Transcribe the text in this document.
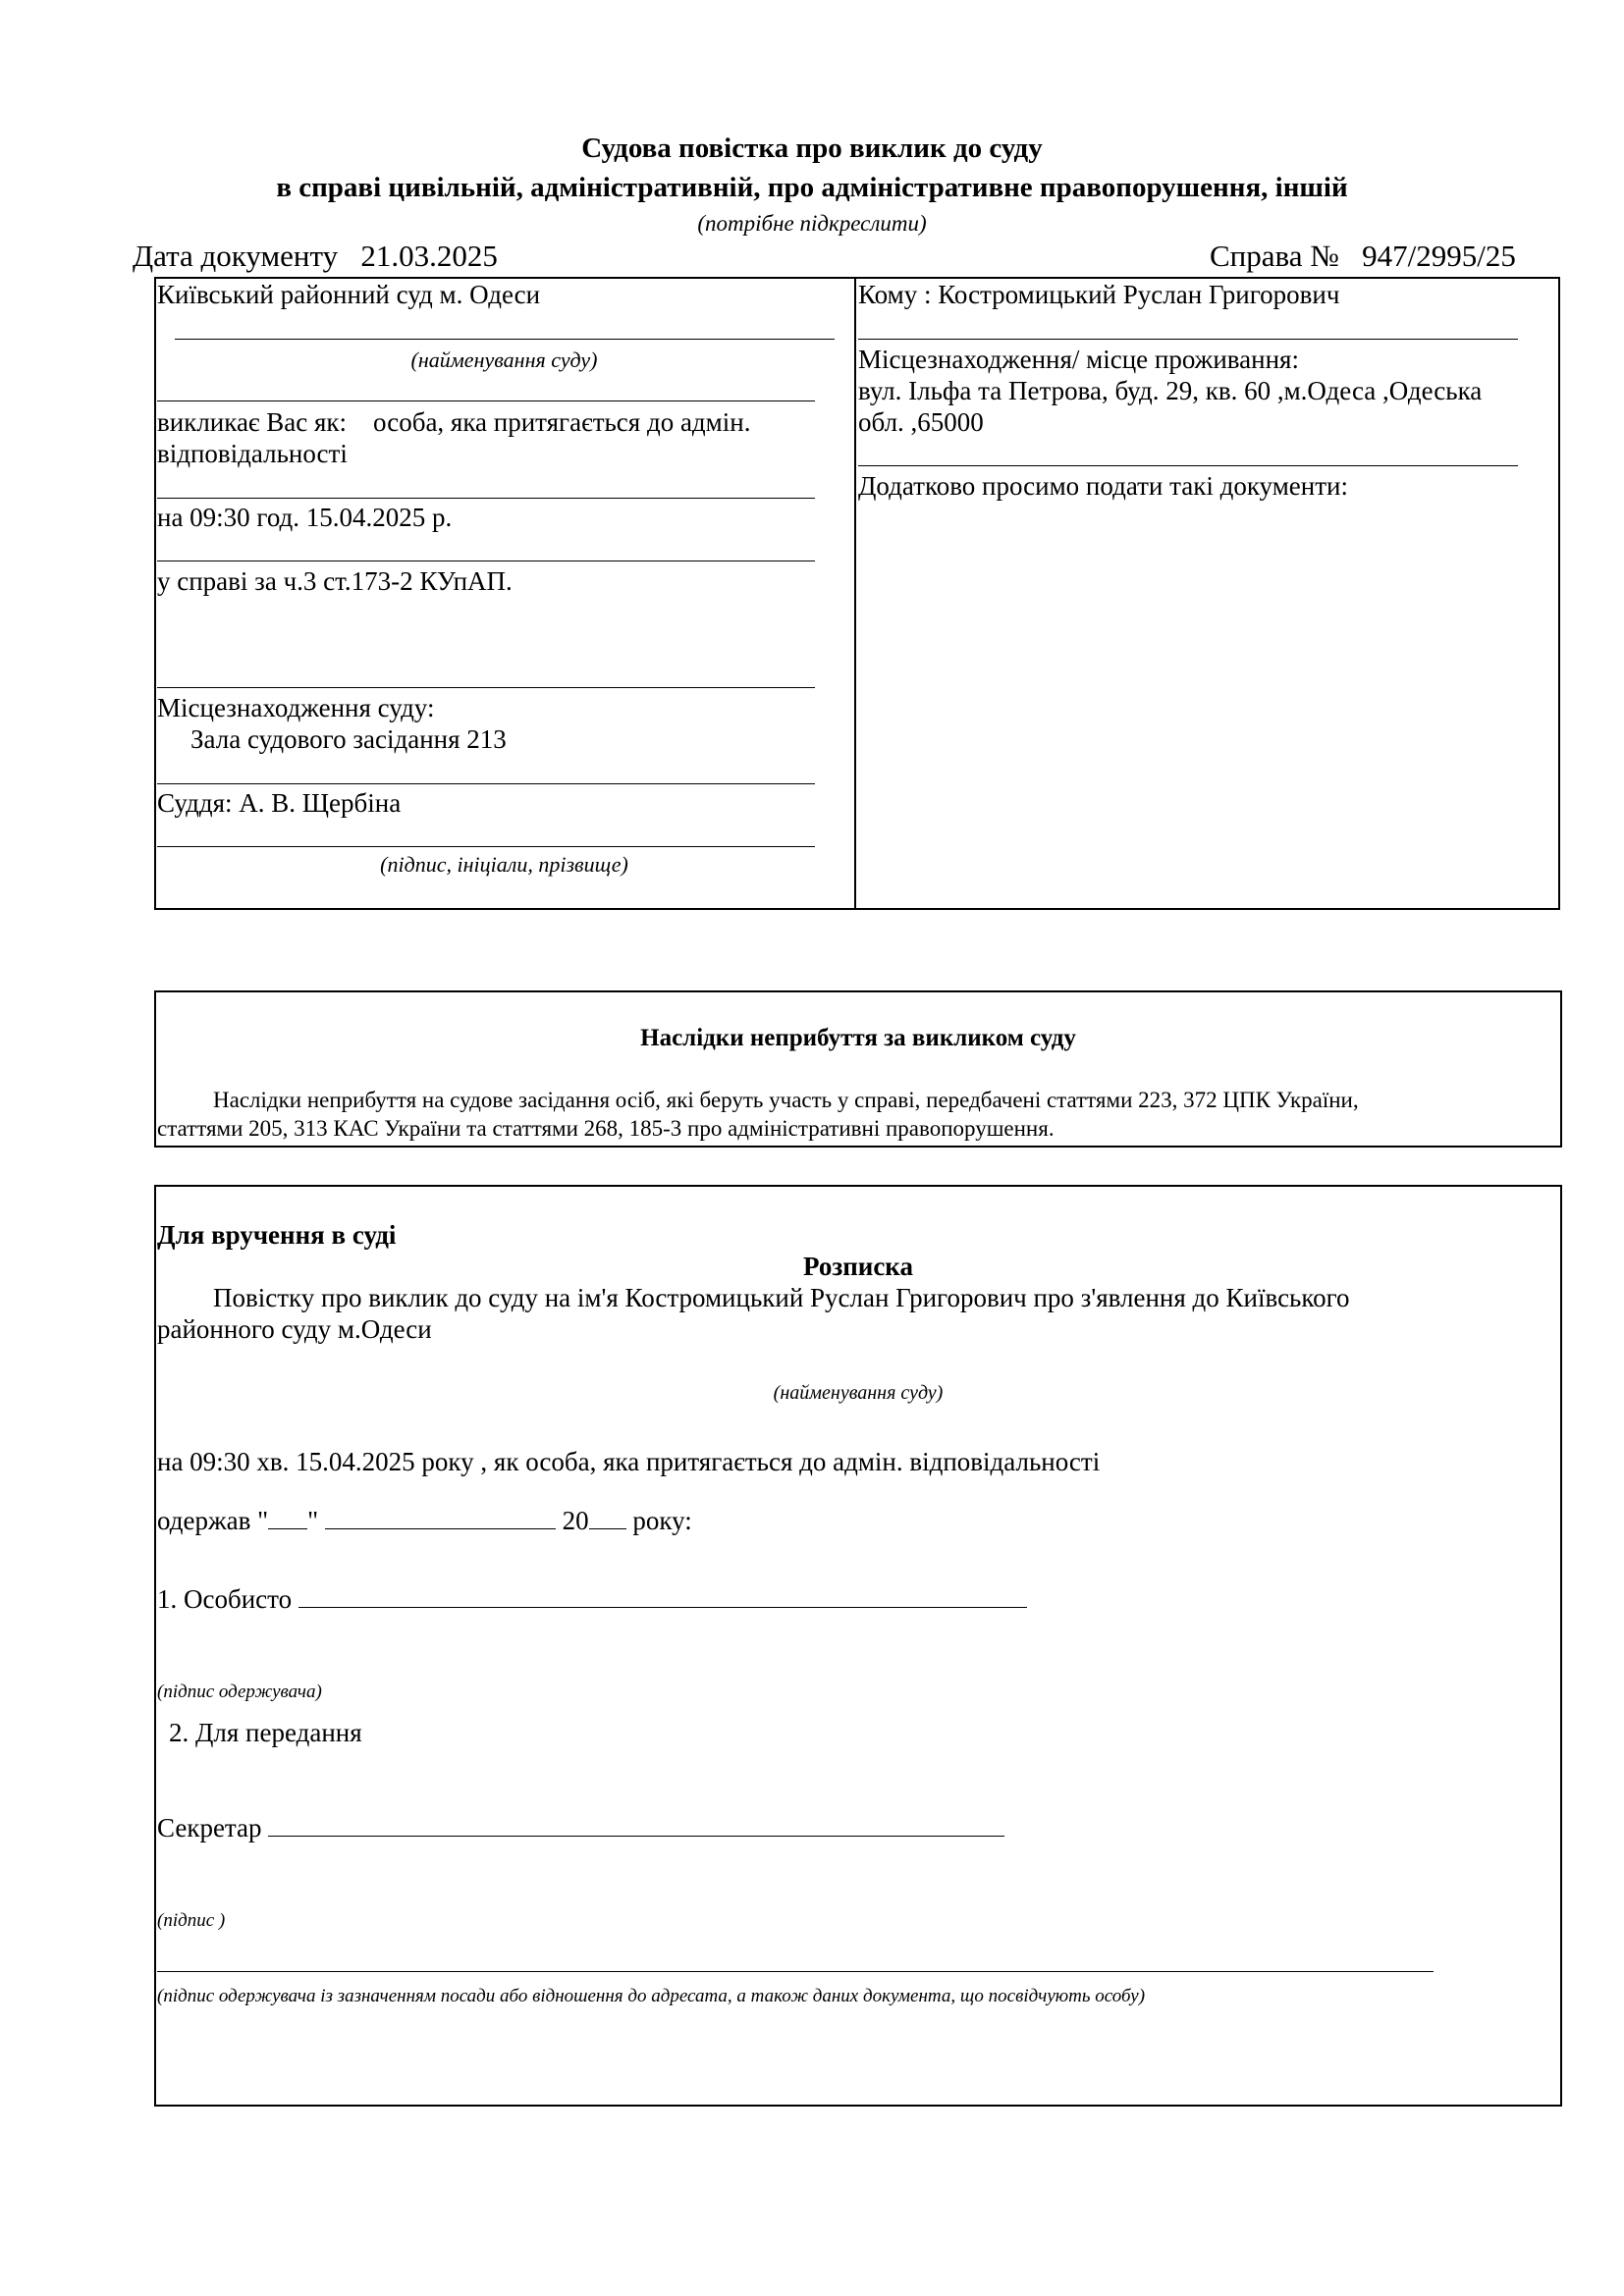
Судова повістка про виклик до суду
в справі цивільній, адміністративній, про адміністративне правопорушення, іншій
(потрібне підкреслити)
Дата документу 21.03.2025	Справа № 947/2995/25
Київський районний суд м. Одеси
(найменування суду)
викликає Вас як: особа, яка притягається до адмін.
відповідальності
на 09:30 год. 15.04.2025 р.
у справі за ч.3 ст.173-2 КУпАП.
Місцезнаходження суду:
Зала судового засідання 213
Суддя: А. В. Щербіна
(підпис, ініціали, прізвище)
Кому : Костромицький Руслан Григорович
Місцезнаходження/ місце проживання:
вул. Ільфа та Петрова, буд. 29, кв. 60 ,м.Одеса ,Одеська
обл. ,65000
Додатково просимо подати такі документи:
Наслідки неприбуття за викликом суду
Наслідки неприбуття на судове засідання осіб, які беруть участь у справі, передбачені статтями 223, 372 ЦПК України,
статтями 205, 313 КАС України та статтями 268, 185-3 про адміністративні правопорушення.
Для вручення в суді
Розписка
Повістку про виклик до суду на ім'я Костромицький Руслан Григорович про з'явлення до Київського
районного суду м.Одеси
(найменування суду)
на 09:30 хв. 15.04.2025 року , як особа, яка притягається до адмін. відповідальності
одержав " "	20 року:
1. Особисто
(підпис одержувача)
2. Для передання
Секретар
(підпис )
(підпис одержувача із зазначенням посади або відношення до адресата, а також даних документа, що посвідчують особу)
